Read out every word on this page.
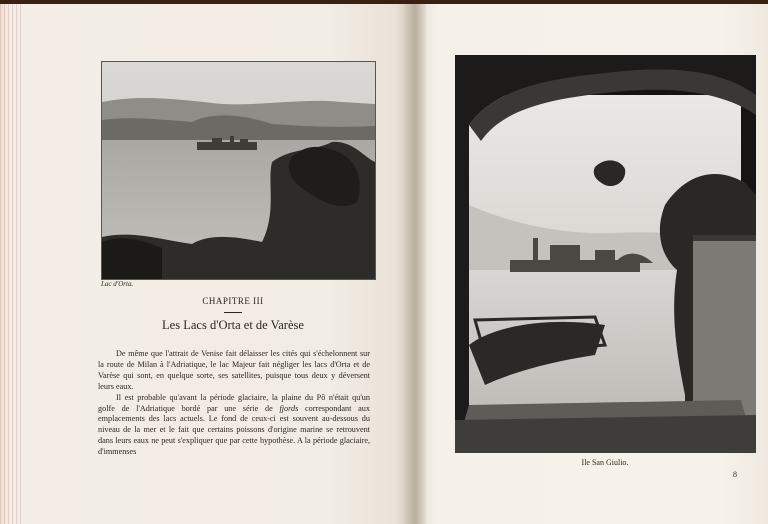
Lac d'Orta.
CHAPITRE III
Les Lacs d'Orta et de Varèse

De même que l'attrait de Venise fait délaisser les cités qui s'échelonnent sur la route de Milan à l'Adriatique, le lac Majeur fait négliger les lacs d'Orta et de Varèse qui sont, en quelque sorte, ses satellites, puisque tous deux y déversent leurs eaux.

Il est probable qu'avant la période glaciaire, la plaine du Pô n'était qu'un golfe de l'Adriatique bordé par une série de fjords correspondant aux emplacements des lacs actuels. Le fond de ceux-ci est souvent au-dessous du niveau de la mer et le fait que certains poissons d'origine marine se retrouvent dans leurs eaux ne peut s'expliquer que par cette hypothèse. A la période glaciaire, d'immenses

Ile San Giulio.
8
